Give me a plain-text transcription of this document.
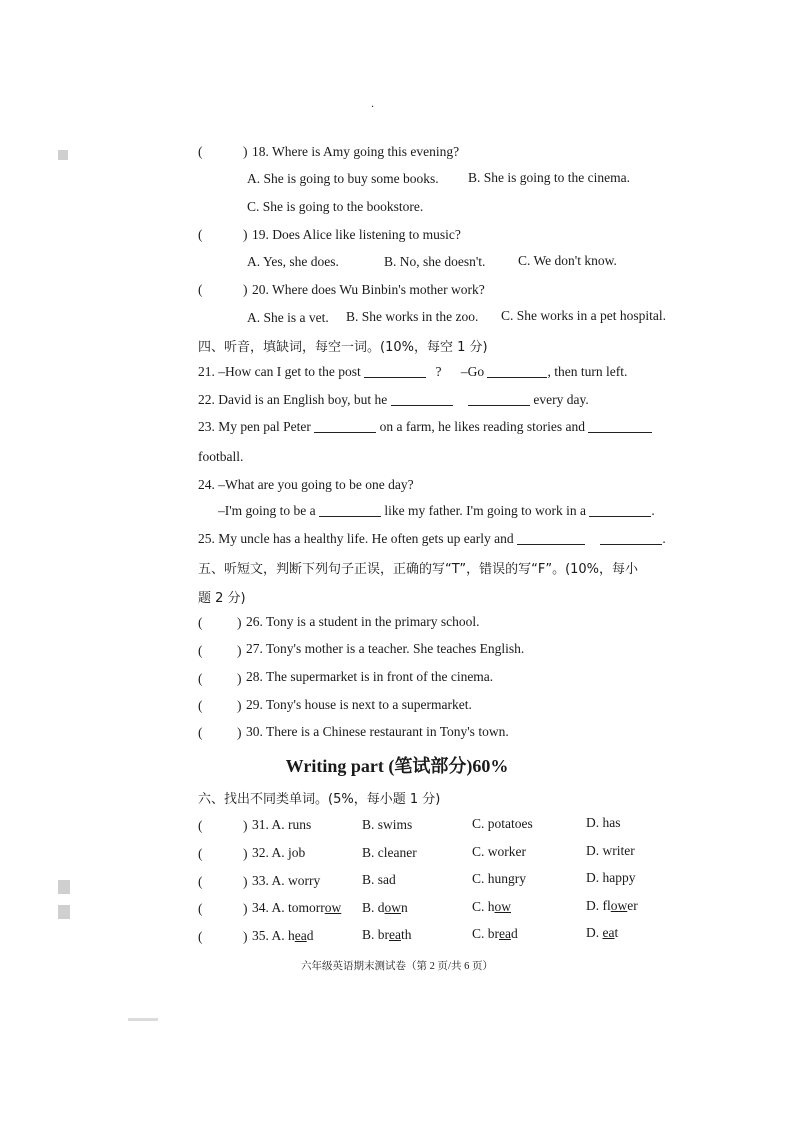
.
(	) 18. Where is Amy going this evening?
A. She is going to buy some books. B. She is going to the cinema.
C. She is going to the bookstore.
(	) 19. Does Alice like listening to music?
A. Yes, she does.	B. No, she doesn't. C. We don't know.
(	) 20. Where does Wu Binbin's mother work?
A. She is a vet. B. She works in the zoo. C. She works in a pet hospital.
四、听音，填缺词，每空一词。(10%，每空 1 分)
21. –How can I get to the post	? –Go	, then turn left.
22. David is an English boy, but he	every day.
23. My pen pal Peter	on a farm, he likes reading stories and
football.
24. –What are you going to be one day?
–I'm going to be a	like my father. I'm going to work in a	.
25. My uncle has a healthy life. He often gets up early and	.
五、听短文，判断下列句子正误，正确的写“T”，错误的写“F”。(10%，每小
题 2 分)
(	) 26. Tony is a student in the primary school.
(	) 27. Tony's mother is a teacher. She teaches English.
(	) 28. The supermarket is in front of the cinema.
(	) 29. Tony's house is next to a supermarket.
(	) 30. There is a Chinese restaurant in Tony's town.
Writing part (笔试部分)60%
六、找出不同类单词。(5%，每小题 1 分)
(	) 31. A. runs	B. swims	C. potatoes	D. has
(	) 32. A. job	B. cleaner	C. worker	D. writer
(	) 33. A. worry	B. sad	C. hungry	D. happy
(	) 34. A. tomorrow B. down	C. how	D. flower
(	) 35. A. head	B. breath	C. bread	D. eat
六年级英语期末测试卷（第 2 页/共 6 页）
